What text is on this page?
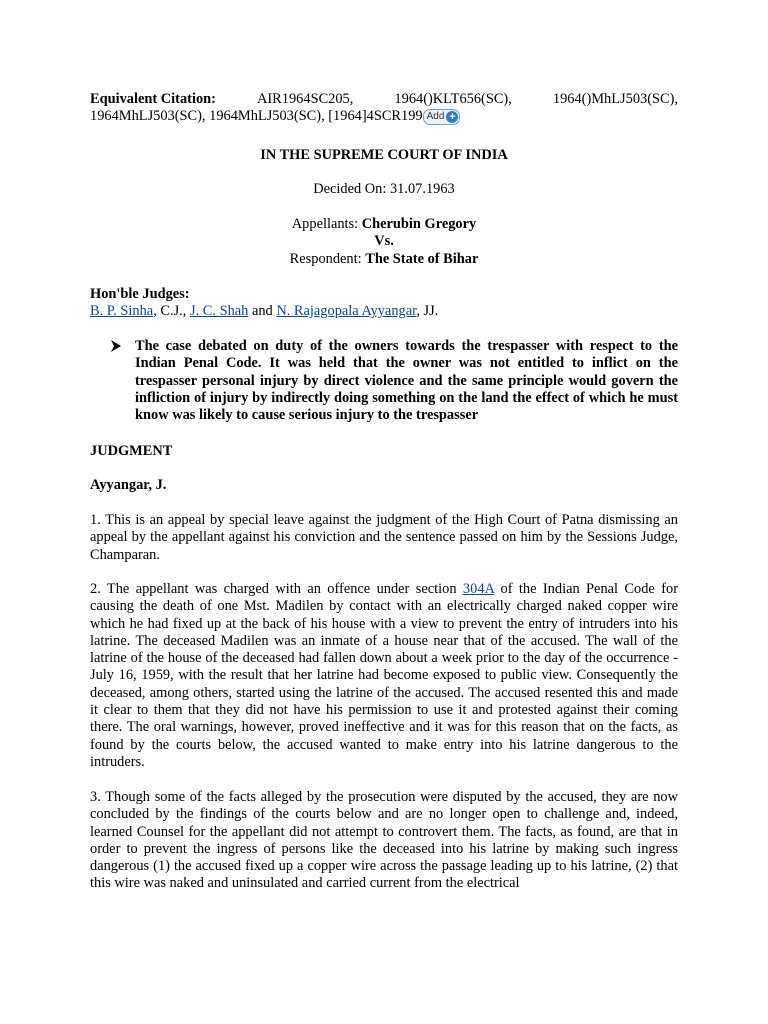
Equivalent Citation:	AIR1964SC205,	1964()KLT656(SC),	1964()MhLJ503(SC),
1964MhLJ503(SC), 1964MhLJ503(SC), [1964]4SCR199 Add +
IN THE SUPREME COURT OF INDIA
Decided On: 31.07.1963
Appellants: Cherubin Gregory
Vs.
Respondent: The State of Bihar
Hon'ble Judges:
B. P. Sinha, C.J., J. C. Shah and N. Rajagopala Ayyangar, JJ.

The case debated on duty of the owners towards the trespasser with respect to the Indian Penal Code. It was held that the owner was not entitled to inflict on the trespasser personal injury by direct violence and the same principle would govern the infliction of injury by indirectly doing something on the land the effect of which he must know was likely to cause serious injury to the trespasser

JUDGMENT
Ayyangar, J.

1. This is an appeal by special leave against the judgment of the High Court of Patna dismissing an appeal by the appellant against his conviction and the sentence passed on him by the Sessions Judge, Champaran.

2. The appellant was charged with an offence under section 304A of the Indian Penal Code for causing the death of one Mst. Madilen by contact with an electrically charged naked copper wire which he had fixed up at the back of his house with a view to prevent the entry of intruders into his latrine. The deceased Madilen was an inmate of a house near that of the accused. The wall of the latrine of the house of the deceased had fallen down about a week prior to the day of the occurrence - July 16, 1959, with the result that her latrine had become exposed to public view. Consequently the deceased, among others, started using the latrine of the accused. The accused resented this and made it clear to them that they did not have his permission to use it and protested against their coming there. The oral warnings, however, proved ineffective and it was for this reason that on the facts, as found by the courts below, the accused wanted to make entry into his latrine dangerous to the intruders.

3. Though some of the facts alleged by the prosecution were disputed by the accused, they are now concluded by the findings of the courts below and are no longer open to challenge and, indeed, learned Counsel for the appellant did not attempt to controvert them. The facts, as found, are that in order to prevent the ingress of persons like the deceased into his latrine by making such ingress dangerous (1) the accused fixed up a copper wire across the passage leading up to his latrine, (2) that this wire was naked and uninsulated and carried current from the electrical
